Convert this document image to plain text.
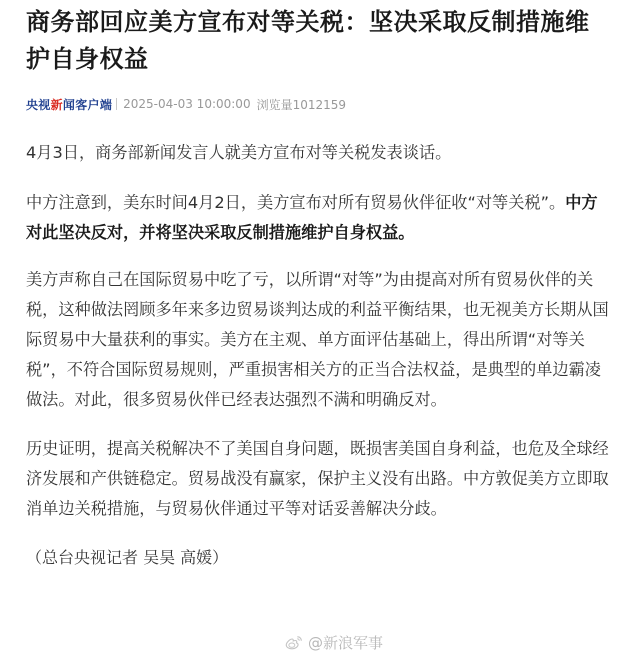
商务部回应美方宣布对等关税：坚决采取反制措施维护自身权益
央视新闻客户端 2025-04-03 10:00:00 浏览量1012159

4月3日，商务部新闻发言人就美方宣布对等关税发表谈话。

中方注意到，美东时间4月2日，美方宣布对所有贸易伙伴征收“对等关税”。中方对此坚决反对，并将坚决采取反制措施维护自身权益。

美方声称自己在国际贸易中吃了亏，以所谓“对等”为由提高对所有贸易伙伴的关税，这种做法罔顾多年来多边贸易谈判达成的利益平衡结果，也无视美方长期从国际贸易中大量获利的事实。美方在主观、单方面评估基础上，得出所谓“对等关税”，不符合国际贸易规则，严重损害相关方的正当合法权益，是典型的单边霸凌做法。对此，很多贸易伙伴已经表达强烈不满和明确反对。

历史证明，提高关税解决不了美国自身问题，既损害美国自身利益，也危及全球经济发展和产供链稳定。贸易战没有赢家，保护主义没有出路。中方敦促美方立即取消单边关税措施，与贸易伙伴通过平等对话妥善解决分歧。

（总台央视记者 吴昊 高媛）

@新浪军事
